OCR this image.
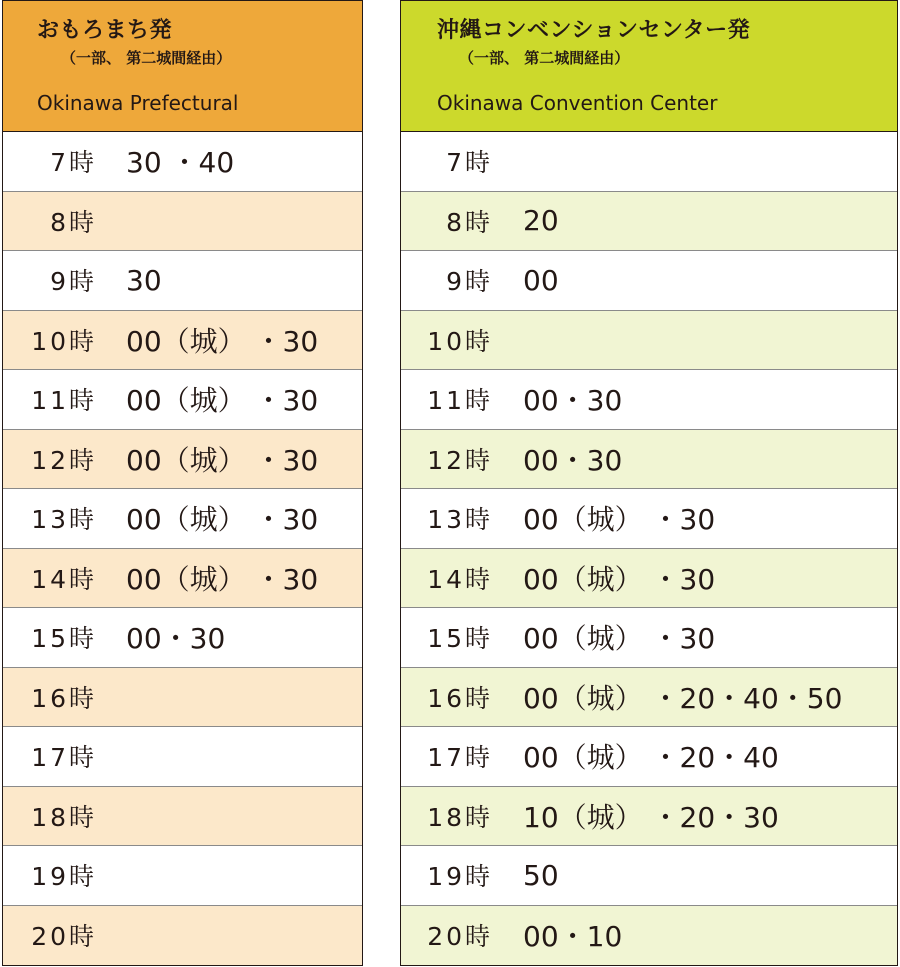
おもろまち発
（一部、 第二城間経由）
Okinawa Prefectural
7時 30 ・40
8時
9時 30
10時 00（城） ・30
11時 00（城） ・30
12時 00（城） ・30
13時 00（城） ・30
14時 00（城） ・30
15時 00・30
16時
17時
18時
19時
20時
沖縄コンベンションセンター発
（一部、 第二城間経由）
Okinawa Convention Center
7時
8時 20
9時 00
10時
11時 00・30
12時 00・30
13時 00（城） ・30
14時 00（城） ・30
15時 00（城） ・30
16時 00（城） ・20・40・50
17時 00（城） ・20・40
18時 10（城） ・20・30
19時 50
20時 00・10
